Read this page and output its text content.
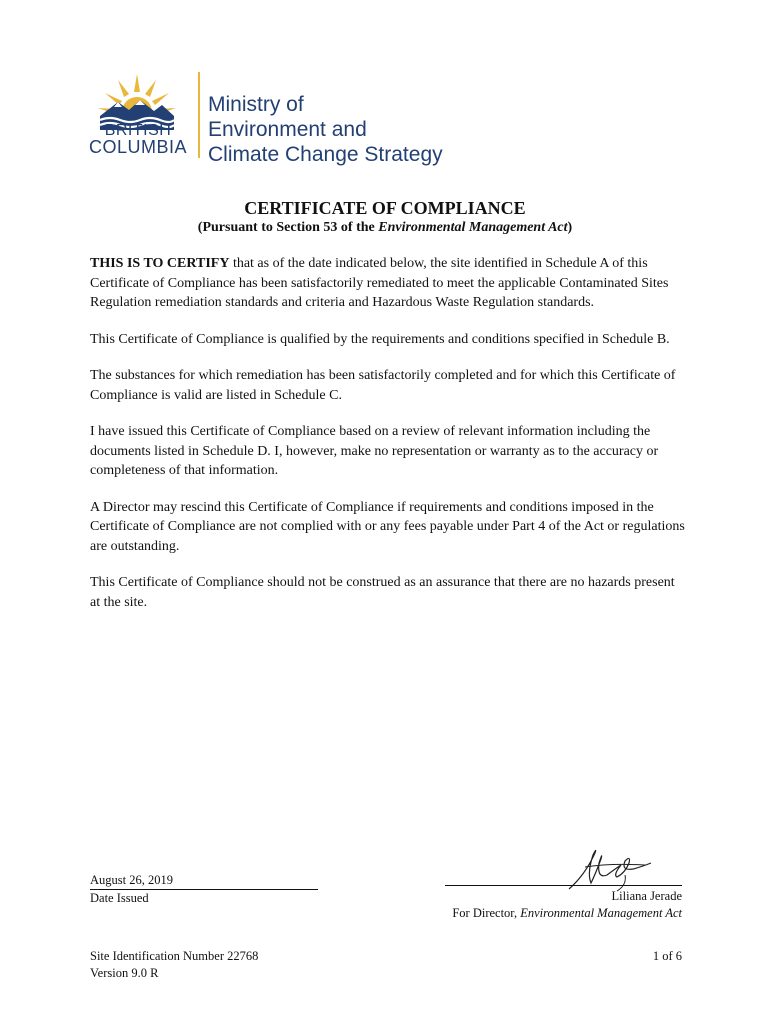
BRITISH
COLUMBIA
Ministry of
Environment and
Climate Change Strategy
CERTIFICATE OF COMPLIANCE
(Pursuant to Section 53 of the Environmental Management Act)

THIS IS TO CERTIFY that as of the date indicated below, the site identified in Schedule A of this Certificate of Compliance has been satisfactorily remediated to meet the applicable Contaminated Sites Regulation remediation standards and criteria and Hazardous Waste Regulation standards.

This Certificate of Compliance is qualified by the requirements and conditions specified in Schedule B.

The substances for which remediation has been satisfactorily completed and for which this Certificate of Compliance is valid are listed in Schedule C.

I have issued this Certificate of Compliance based on a review of relevant information including the documents listed in Schedule D. I, however, make no representation or warranty as to the accuracy or completeness of that information.

A Director may rescind this Certificate of Compliance if requirements and conditions imposed in the Certificate of Compliance are not complied with or any fees payable under Part 4 of the Act or regulations are outstanding.

This Certificate of Compliance should not be construed as an assurance that there are no hazards present at the site.

August 26, 2019
Date Issued	Liliana Jerade
For Director, Environmental Management Act
Site Identification Number 22768
Version 9.0 R
1 of 6
